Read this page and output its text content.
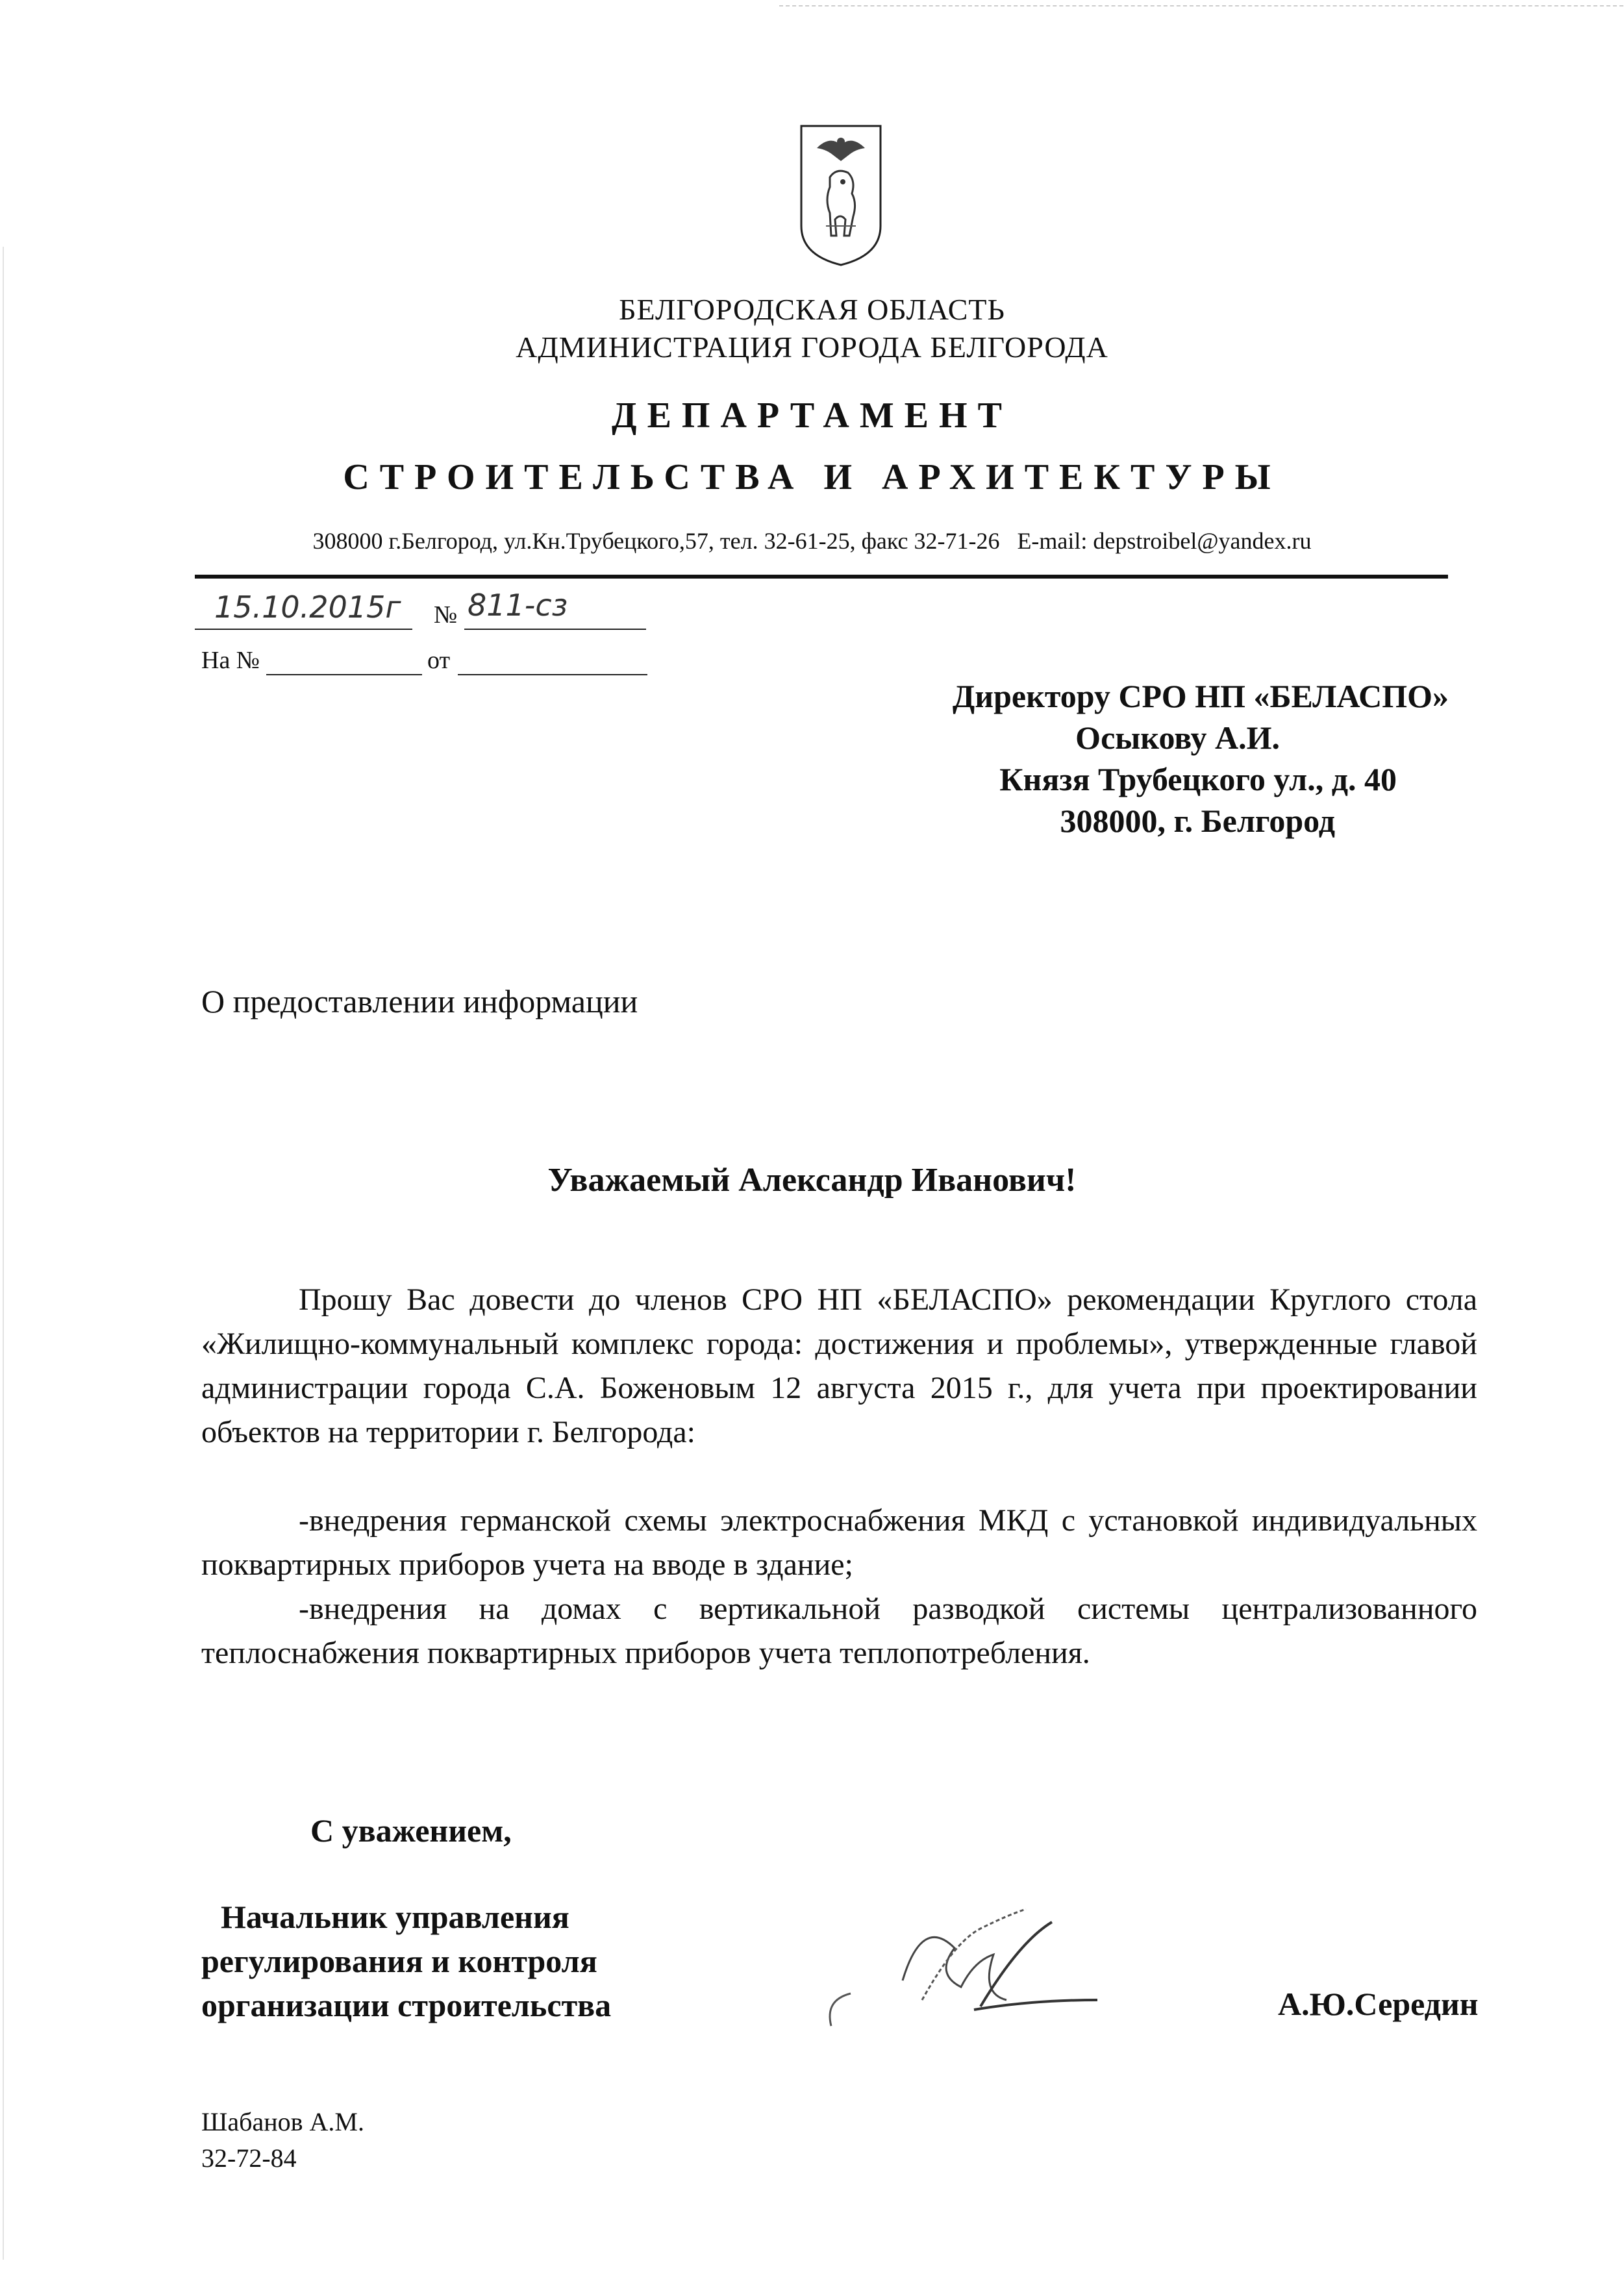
БЕЛГОРОДСКАЯ ОБЛАСТЬ
АДМИНИСТРАЦИЯ ГОРОДА БЕЛГОРОДА
ДЕПАРТАМЕНТ
СТРОИТЕЛЬСТВА И АРХИТЕКТУРЫ
308000 г.Белгород, ул.Кн.Трубецкого,57, тел. 32-61-25, факс 32-71-26   E-mail: depstroibel@yandex.ru
15.10.2015г № 811-сз
На №	от
Директору СРО НП «БЕЛАСПО»
Осыкову А.И.
Князя Трубецкого ул., д. 40
308000, г. Белгород
О предоставлении информации
Уважаемый Александр Иванович!
Прошу Вас довести до членов СРО НП «БЕЛАСПО» рекомендации Круглого стола «Жилищно-коммунальный комплекс города: достижения и проблемы», утвержденные главой администрации города С.А. Боженовым 12 августа 2015 г., для учета при проектировании объектов на территории г. Белгорода:
-внедрения германской схемы электроснабжения МКД с установкой индивидуальных поквартирных приборов учета на вводе в здание;
-внедрения на домах с вертикальной разводкой системы централизованного теплоснабжения поквартирных приборов учета теплопотребления.
С уважением,
Начальник управления
регулирования и контроля
организации строительства	А.Ю.Середин
Шабанов А.М.
32-72-84
